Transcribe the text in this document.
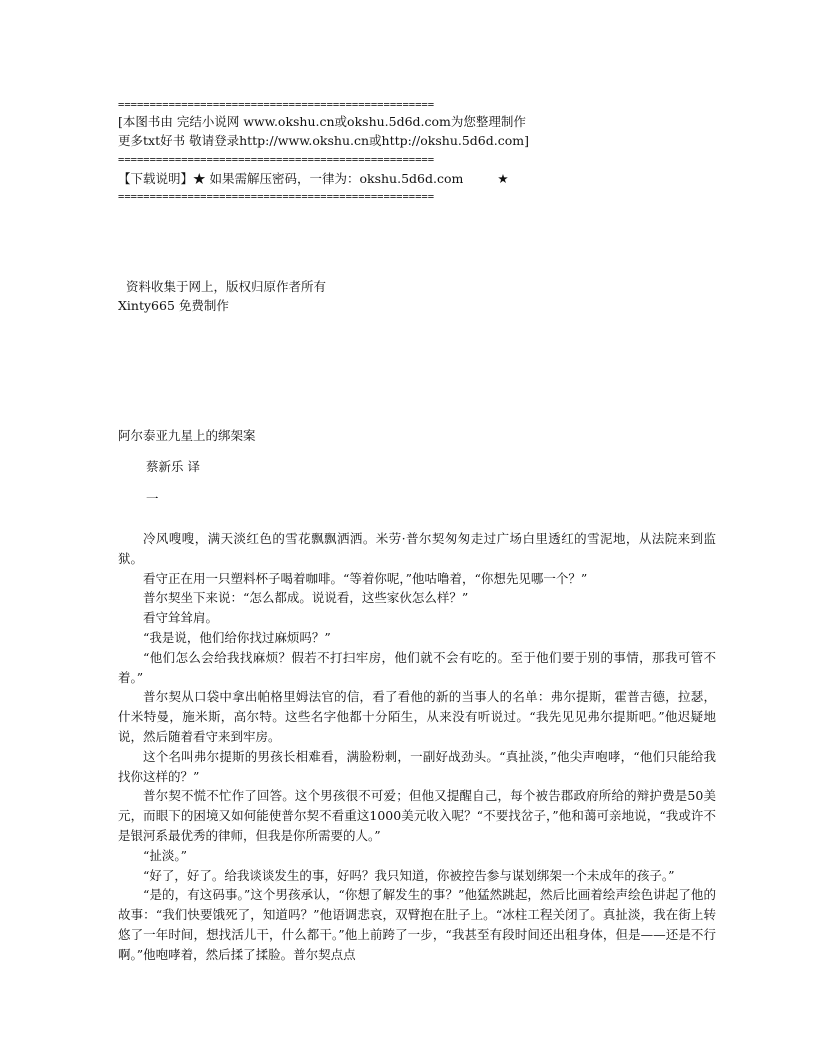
==================================================
[本图书由 完结小说网 www.okshu.cn或okshu.5d6d.com为您整理制作
更多txt好书 敬请登录http://www.okshu.cn或http://okshu.5d6d.com]
==================================================
【下载说明】★ 如果需解压密码，一律为：okshu.5d6d.com	★
==================================================
资料收集于网上，版权归原作者所有
Xinty665 免费制作
阿尔泰亚九星上的绑架案
蔡新乐 译
一

冷风嗖嗖，满天淡红色的雪花飘飘洒洒。米劳·普尔契匆匆走过广场白里透红的雪泥地，从法院来到监狱。

看守正在用一只塑料杯子喝着咖啡。“等着你呢，”他咕噜着，“你想先见哪一个？”

普尔契坐下来说：“怎么都成。说说看，这些家伙怎么样？”

看守耸耸肩。

“我是说，他们给你找过麻烦吗？”

“他们怎么会给我找麻烦？假若不打扫牢房，他们就不会有吃的。至于他们要于别的事情，那我可管不着。”

普尔契从口袋中拿出帕格里姆法官的信，看了看他的新的当事人的名单：弗尔提斯，霍普吉德，拉瑟，什米特曼，施米斯，高尔特。这些名字他都十分陌生，从来没有听说过。“我先见见弗尔提斯吧。”他迟疑地说，然后随着看守来到牢房。

这个名叫弗尔提斯的男孩长相难看，满脸粉刺，一副好战劲头。“真扯淡，”他尖声咆哮，“他们只能给我找你这样的？”

普尔契不慌不忙作了回答。这个男孩很不可爱；但他又提醒自己，每个被告郡政府所给的辩护费是50美元，而眼下的困境又如何能使普尔契不看重这1000美元收入呢？“不要找岔子，”他和蔼可亲地说，“我或许不是银河系最优秀的律师，但我是你所需要的人。”

“扯淡。”

“好了，好了。给我谈谈发生的事，好吗？我只知道，你被控告参与谋划绑架一个未成年的孩子。”

“是的，有这码事。”这个男孩承认，“你想了解发生的事？”他猛然跳起，然后比画着绘声绘色讲起了他的故事：“我们快要饿死了，知道吗？”他语调悲哀，双臂抱在肚子上。“冰柱工程关闭了。真扯淡，我在街上转悠了一年时间，想找活儿干，什么都干。”他上前跨了一步，“我甚至有段时间还出租身体，但是——还是不行啊。”他咆哮着，然后揉了揉脸。普尔契点点
